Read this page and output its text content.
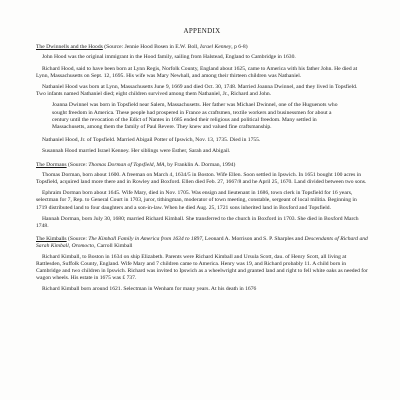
APPENDIX
The Dwinnells and the Hoods (Source: Jennie Hood Bosen in E.W. Boll, Israel Kenney, p 6-8)

John Hood was the original immigrant in the Hood family, sailing from Halstead, England to Cambridge in 1630.

Richard Hood, said to have been born at Lynn Regis, Norfolk County, England about 1625, came to America with his father John. He died at Lynn, Massachusetts on Sept. 12, 1695. His wife was Mary Newhall, and among their thirteen children was Nathaniel.

Nathaniel Hood was born at Lynn, Massachusetts June 9, 1669 and died Oct. 30, 1748. Married Joanna Dwinnel, and they lived in Topsfield. Two infants named Nathaniel died; eight children survived among them Nathaniel, Jr., Richard and John.

Joanna Dwinnel was born in Topsfield near Salem, Massachusetts. Her father was Michael Dwinnel, one of the Huguenots who sought freedom in America. These people had prospered in France as craftsmen, textile workers and businessmen for about a century until the revocation of the Edict of Nantes in 1685 ended their religious and political freedom. Many settled in Massachusetts, among them the family of Paul Revere. They knew and valued fine craftsmanship.

Nathaniel Hood, Jr. of Topsfield. Married Abigail Potter of Ipswich, Nov. 13, 1735. Died in 1755.

Susannah Hood married Israel Kenney. Her siblings were Esther, Sarah and Abigail.

The Dormans (Source: Thomas Dorman of Topsfield, MA, by Franklin A. Dorman, 1994)

Thomas Dorman, born about 1600. A freeman on March 4, 1634/5 in Boston. Wife Ellen. Soon settled in Ipswich. In 1651 bought 100 acres in Topsfield, acquired land more there and in Rowley and Boxford. Ellen died Feb. 27, 1667/8 and he April 25, 1670. Land divided between two sons.

Ephraim Dorman born about 1645. Wife Mary, died in Nov. 1705. Was ensign and lieutenant in 1686, town clerk in Topsfield for 16 years, selectman for 7, Rep. to General Court in 1703, juror, tithingman, moderator of town meeting, constable, sergeant of local militia. Beginning in 1719 distributed land to four daughters and a son-in-law. When he died Aug. 25, 1721 sons inherited land in Boxford and Topsfield.

Hannah Dorman, born July 30, 1680; married Richard Kimball. She transferred to the church in Boxford in 1703. She died in Boxford March 1748.

The Kimballs (Source: The Kimball Family in America from 1634 to 1897, Leonard A. Morrison and S. P. Sharples and Descendants of Richard and Sarah Kimball, Oromocto, Carroll Kimball

Richard Kimball, to Boston in 1634 on ship Elizabeth. Parents were Richard Kimball and Ursula Scott, dau. of Henry Scott, all living at Rattlesden, Suffolk County, England. Wife Mary and 7 children came to America. Henry was 19, and Richard probably 11. A child born in Cambridge and two children in Ipswich. Richard was invited to Ipswich as a wheelwright and granted land and right to fell white oaks as needed for wagon wheels. His estate in 1675 was £ 737.

Richard Kimball born around 1621. Selectman in Wenham for many years. At his death in 1676
